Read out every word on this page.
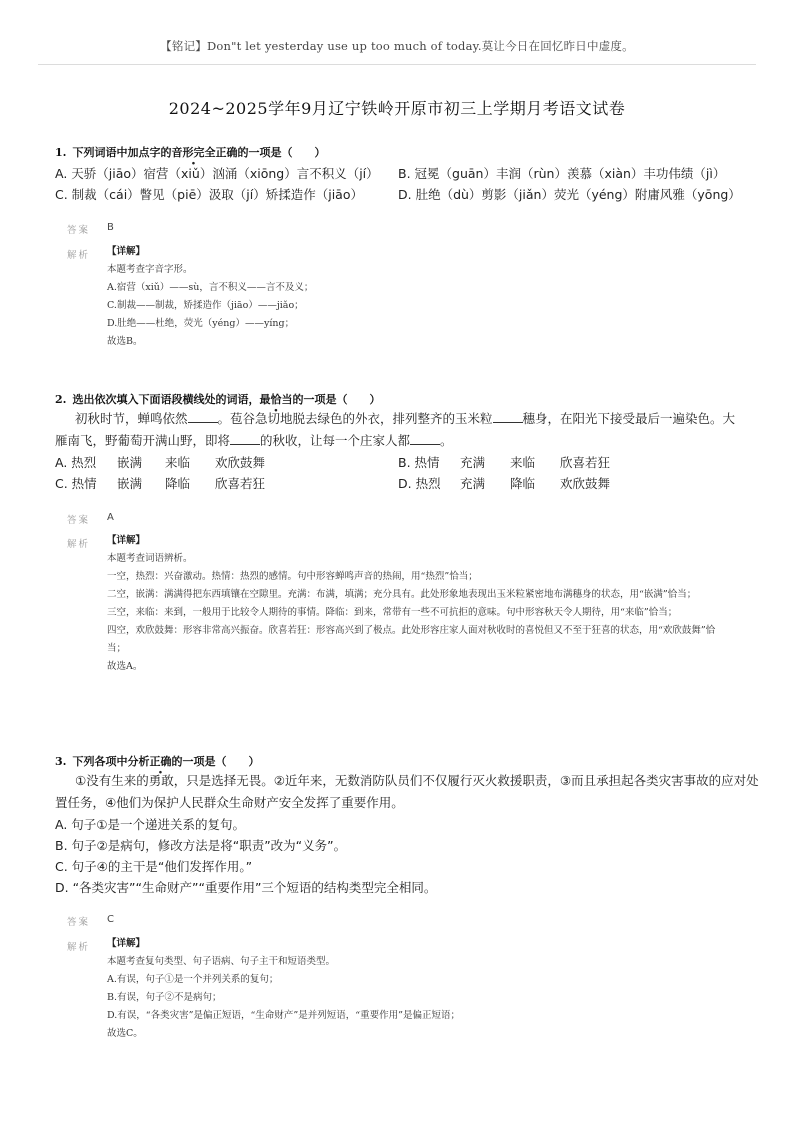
【铭记】Don"t let yesterday use up too much of today.莫让今日在回忆昨日中虚度。
2024~2025学年9月辽宁铁岭开原市初三上学期月考语文试卷
1. 下列词语中加点字的音形完全正确的一项是（　　）
A. 天骄（jiāo）宿营（xiǔ）汹涌（xiōng）言不积义（jí） B. 冠冕（guān）丰润（rùn）羡慕（xiàn）丰功伟绩（jì）
C. 制裁（cái）瞥见（piē）汲取（jí）矫揉造作（jiāo）	D. 肚绝（dù）剪影（jiǎn）荧光（yéng）附庸风雅（yōng）
答案 B
解析 【详解】
本题考查字音字形。
A.宿营（xiǔ）——sù，言不积义——言不及义；
C.制裁——制裁，矫揉造作（jiāo）——jiǎo；
D.肚绝——杜绝，荧光（yéng）——yíng；
故选B。
2. 选出依次填入下面语段横线处的词语，最恰当的一项是（　　）
初秋时节，蝉鸣依然 。苞谷急切地脱去绿色的外衣，排列整齐的玉米粒 穗身，在阳光下接受最后一遍染色。大雁南飞，野葡萄开满山野，即将 的秋收，让每一个庄家人都 。
A. 热烈 嵌满 来临 欢欣鼓舞	B. 热情 充满 来临 欣喜若狂
C. 热情 嵌满 降临 欣喜若狂	D. 热烈 充满 降临 欢欣鼓舞
答案 A
解析 【详解】
本题考查词语辨析。
一空，热烈：兴奋激动。热情：热烈的感情。句中形容蝉鸣声音的热闹，用“热烈”恰当；
二空，嵌满：满满得把东西填镶在空隙里。充满：布满，填满；充分具有。此处形象地表现出玉米粒紧密地布满穗身的状态，用“嵌满”恰当；
三空，来临：来到，一般用于比较令人期待的事情。降临：到来，常带有一些不可抗拒的意味。句中形容秋天令人期待，用“来临”恰当；
四空，欢欣鼓舞：形容非常高兴振奋。欣喜若狂：形容高兴到了极点。此处形容庄家人面对秋收时的喜悦但又不至于狂喜的状态，用“欢欣鼓舞”恰当；
故选A。
3. 下列各项中分析正确的一项是（　　）
①没有生来的勇敢，只是选择无畏。②近年来，无数消防队员们不仅履行灭火救援职责，③而且承担起各类灾害事故的应对处
置任务，④他们为保护人民群众生命财产安全发挥了重要作用。
A. 句子①是一个递进关系的复句。
B. 句子②是病句，修改方法是将“职责”改为“义务”。
C. 句子④的主干是“他们发挥作用。”
D. “各类灾害”“生命财产”“重要作用”三个短语的结构类型完全相同。
答案 C
解析 【详解】
本题考查复句类型、句子语病、句子主干和短语类型。
A.有误，句子①是一个并列关系的复句；
B.有误，句子②不是病句；
D.有误，“各类灾害”是偏正短语，“生命财产”是并列短语，“重要作用”是偏正短语；
故选C。
